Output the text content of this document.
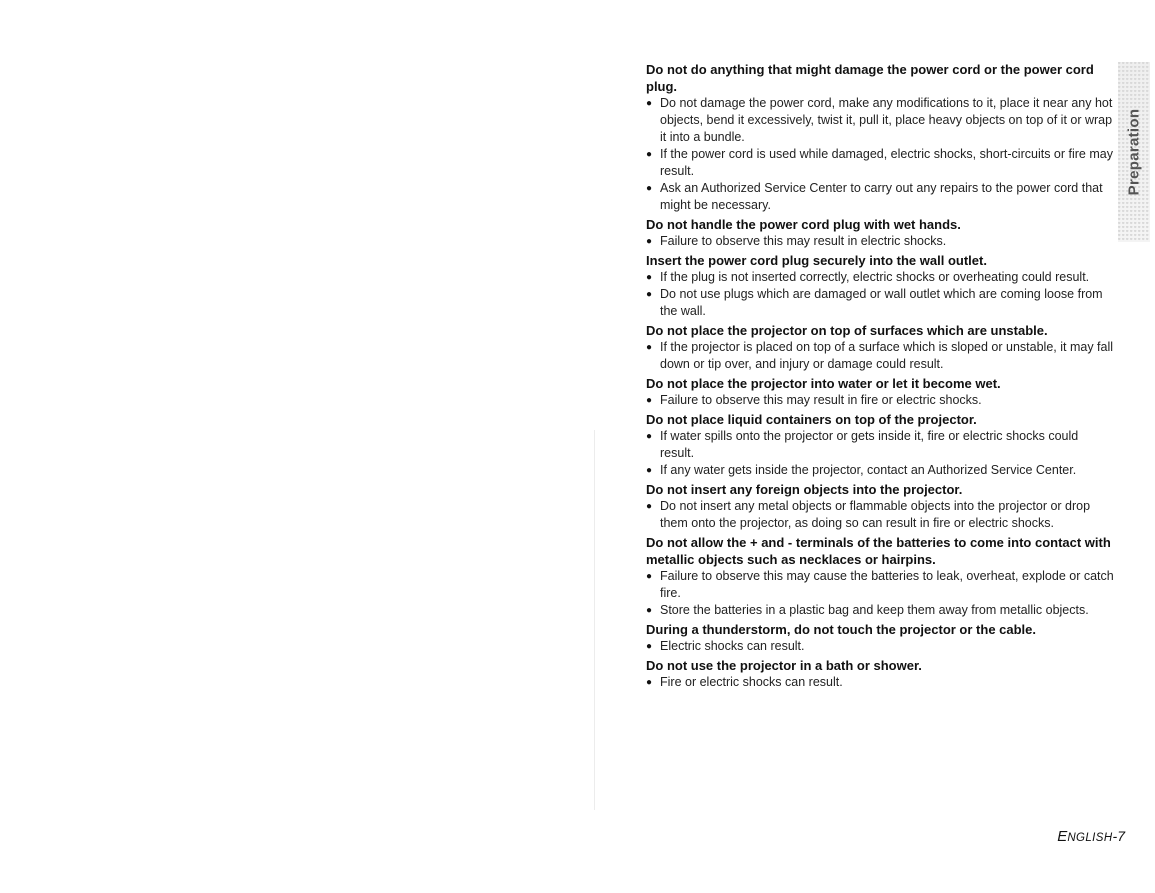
Do not do anything that might damage the power cord or the power cord plug.
● Do not damage the power cord, make any modifications to it, place it near any hot objects, bend it excessively, twist it, pull it, place heavy objects on top of it or wrap it into a bundle.
● If the power cord is used while damaged, electric shocks, short-circuits or fire may result.
● Ask an Authorized Service Center to carry out any repairs to the power cord that might be necessary.
Do not handle the power cord plug with wet hands.
● Failure to observe this may result in electric shocks.
Insert the power cord plug securely into the wall outlet.
● If the plug is not inserted correctly, electric shocks or overheating could result.
● Do not use plugs which are damaged or wall outlet which are coming loose from the wall.
Do not place the projector on top of surfaces which are unstable.
● If the projector is placed on top of a surface which is sloped or unstable, it may fall down or tip over, and injury or damage could result.
Do not place the projector into water or let it become wet.
● Failure to observe this may result in fire or electric shocks.
Do not place liquid containers on top of the projector.
● If water spills onto the projector or gets inside it, fire or electric shocks could result.
● If any water gets inside the projector, contact an Authorized Service Center.
Do not insert any foreign objects into the projector.
● Do not insert any metal objects or flammable objects into the projector or drop them onto the projector, as doing so can result in fire or electric shocks.
Do not allow the + and - terminals of the batteries to come into contact with metallic objects such as necklaces or hairpins.
● Failure to observe this may cause the batteries to leak, overheat, explode or catch fire.
● Store the batteries in a plastic bag and keep them away from metallic objects.
During a thunderstorm, do not touch the projector or the cable.
● Electric shocks can result.
Do not use the projector in a bath or shower.
● Fire or electric shocks can result.
Preparation
ENGLISH-7
